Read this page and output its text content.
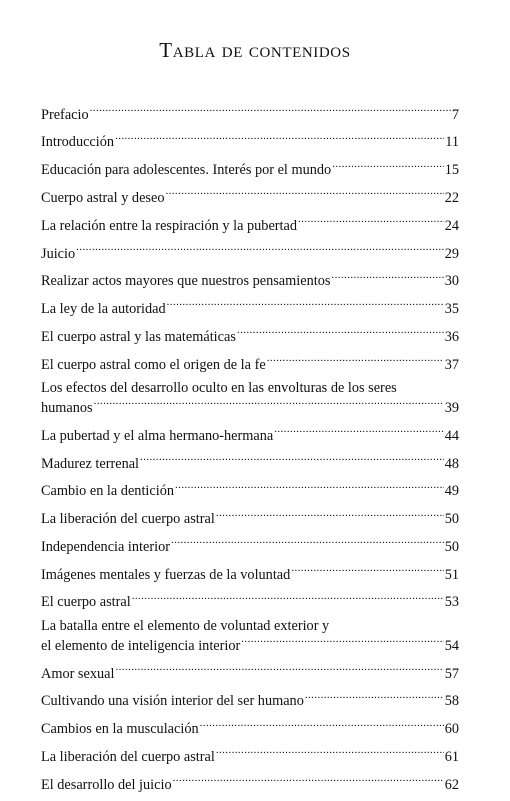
Tabla de contenidos
Prefacio .....	7
Introducción .....	11
Educación para adolescentes. Interés por el mundo .....	15
Cuerpo astral y deseo .....	22
La relación entre la respiración y la pubertad .....	24
Juicio .....	29
Realizar actos mayores que nuestros pensamientos .....	30
La ley de la autoridad .....	35
El cuerpo astral y las matemáticas .....	36
El cuerpo astral como el origen de la fe .....	37
Los efectos del desarrollo oculto en las envolturas de los seres
humanos .....	39
La pubertad y el alma hermano-hermana .....	44
Madurez terrenal .....	48
Cambio en la dentición .....	49
La liberación del cuerpo astral .....	50
Independencia interior .....	50
Imágenes mentales y fuerzas de la voluntad .....	51
El cuerpo astral .....	53
La batalla entre el elemento de voluntad exterior y
el elemento de inteligencia interior .....	54
Amor sexual .....	57
Cultivando una visión interior del ser humano .....	58
Cambios en la musculación .....	60
La liberación del cuerpo astral .....	61
El desarrollo del juicio .....	62
